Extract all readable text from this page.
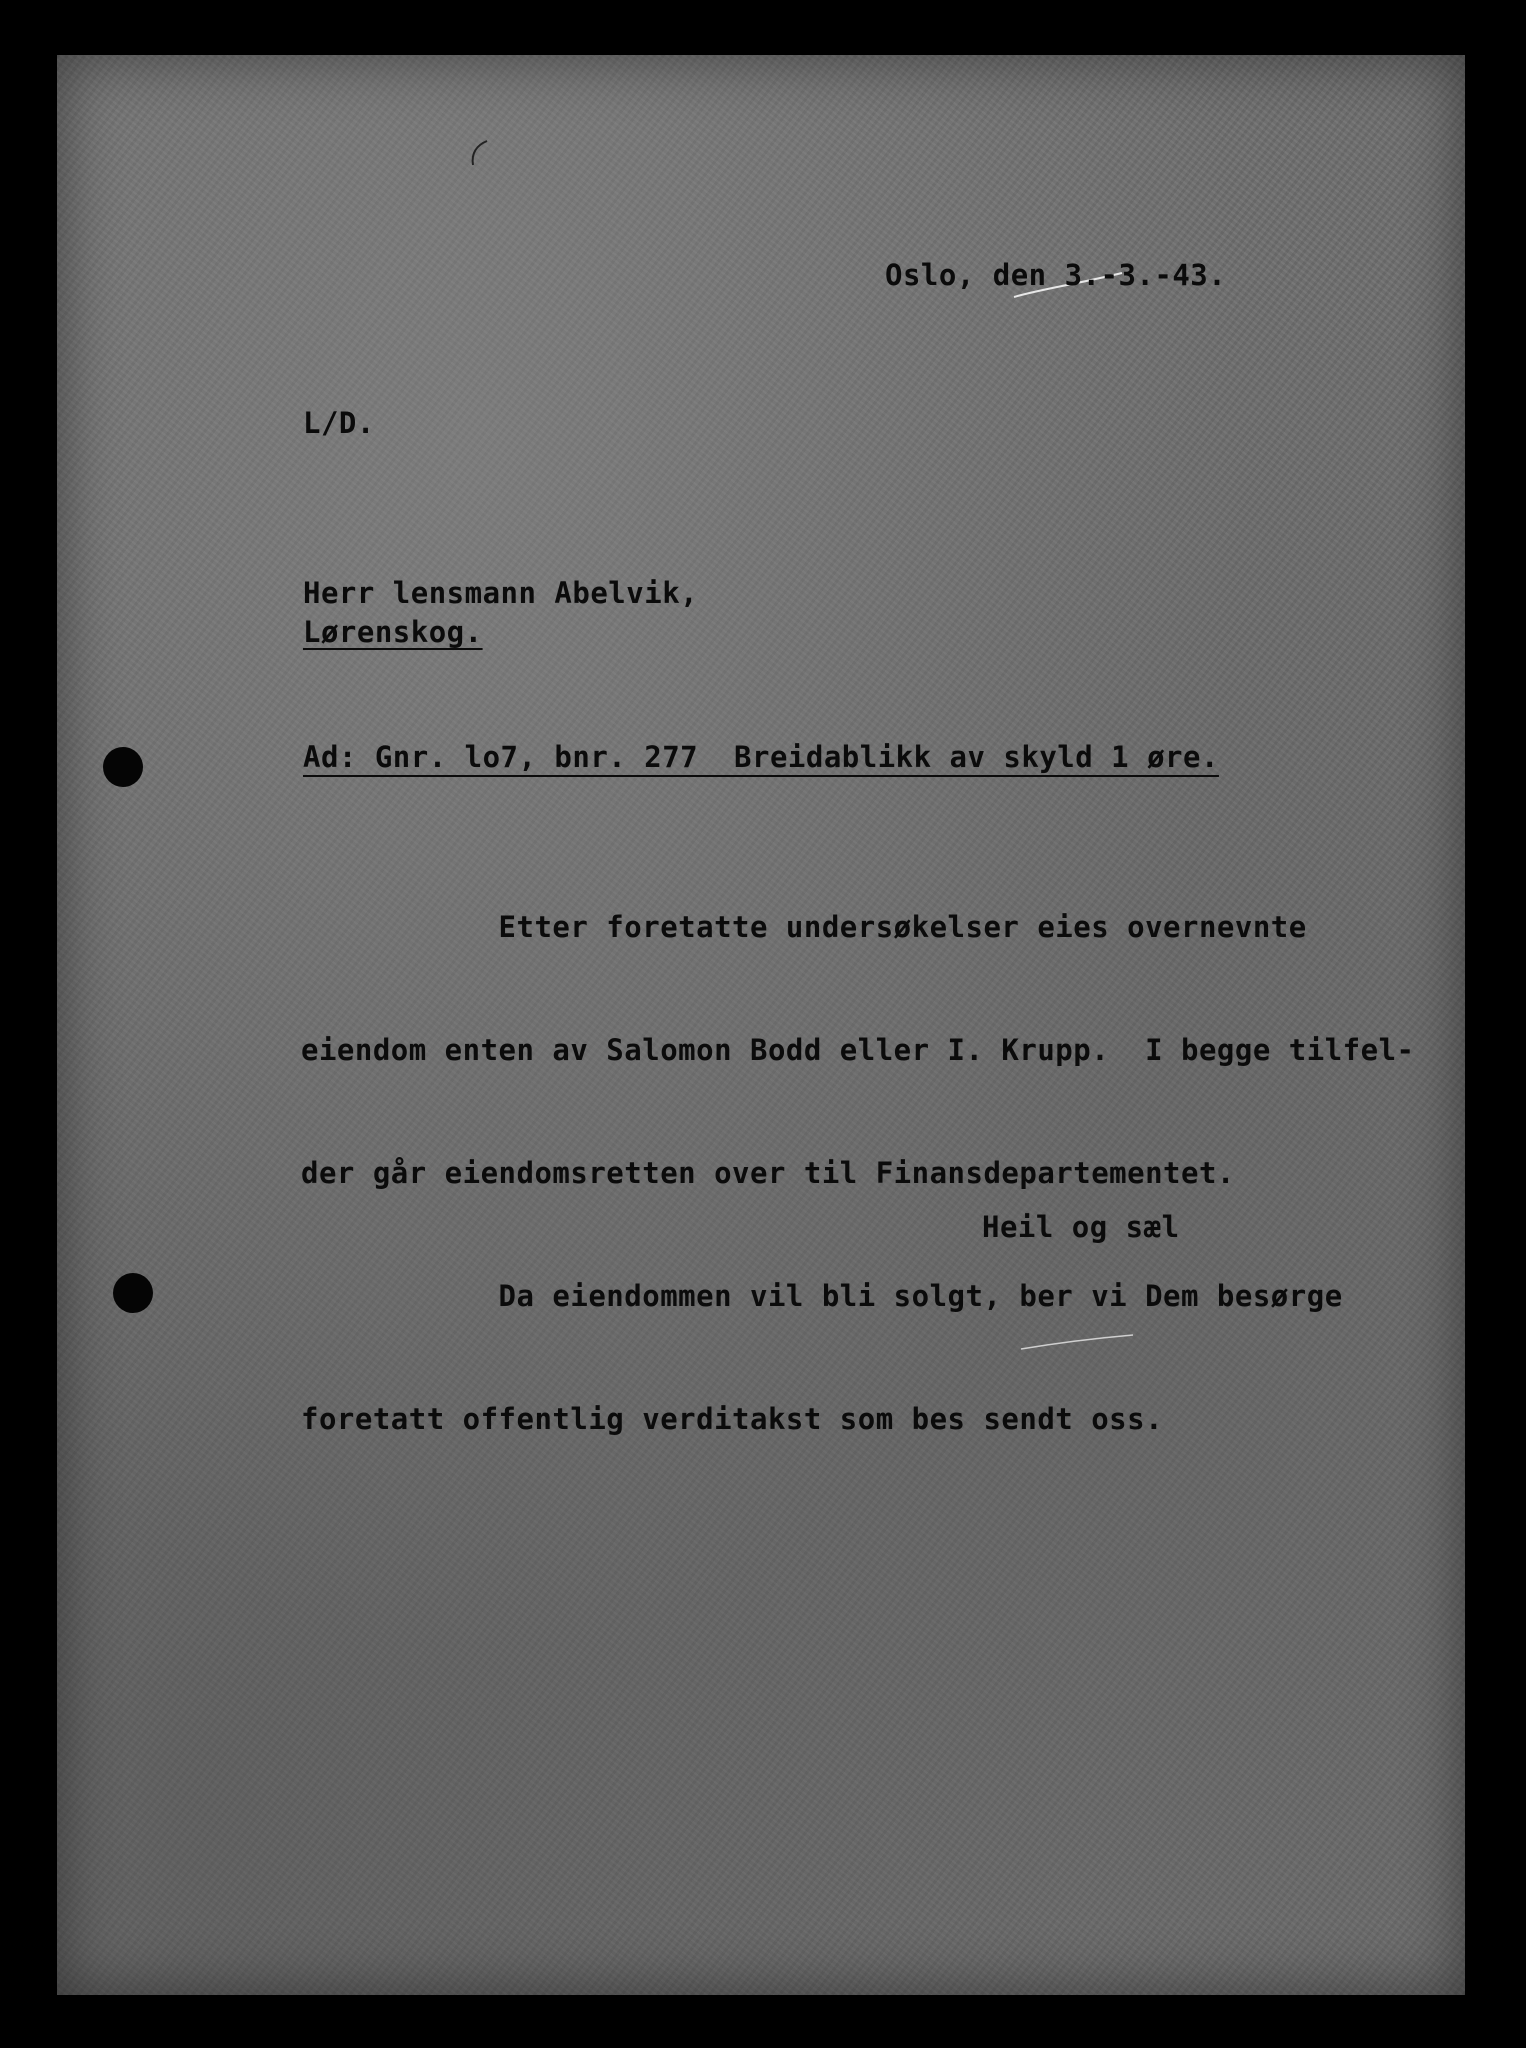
Oslo, den 3.-3.-43.
L/D.
Herr lensmann Abelvik,
Lørenskog.
Ad: Gnr. lo7, bnr. 277  Breidablikk av skyld 1 øre.

Etter foretatte undersøkelser eies overnevnte

eiendom enten av Salomon Bodd eller I. Krupp.  I begge tilfel-

der går eiendomsretten over til Finansdepartementet.

Da eiendommen vil bli solgt, ber vi Dem besørge

foretatt offentlig verditakst som bes sendt oss.

Heil og sæl
